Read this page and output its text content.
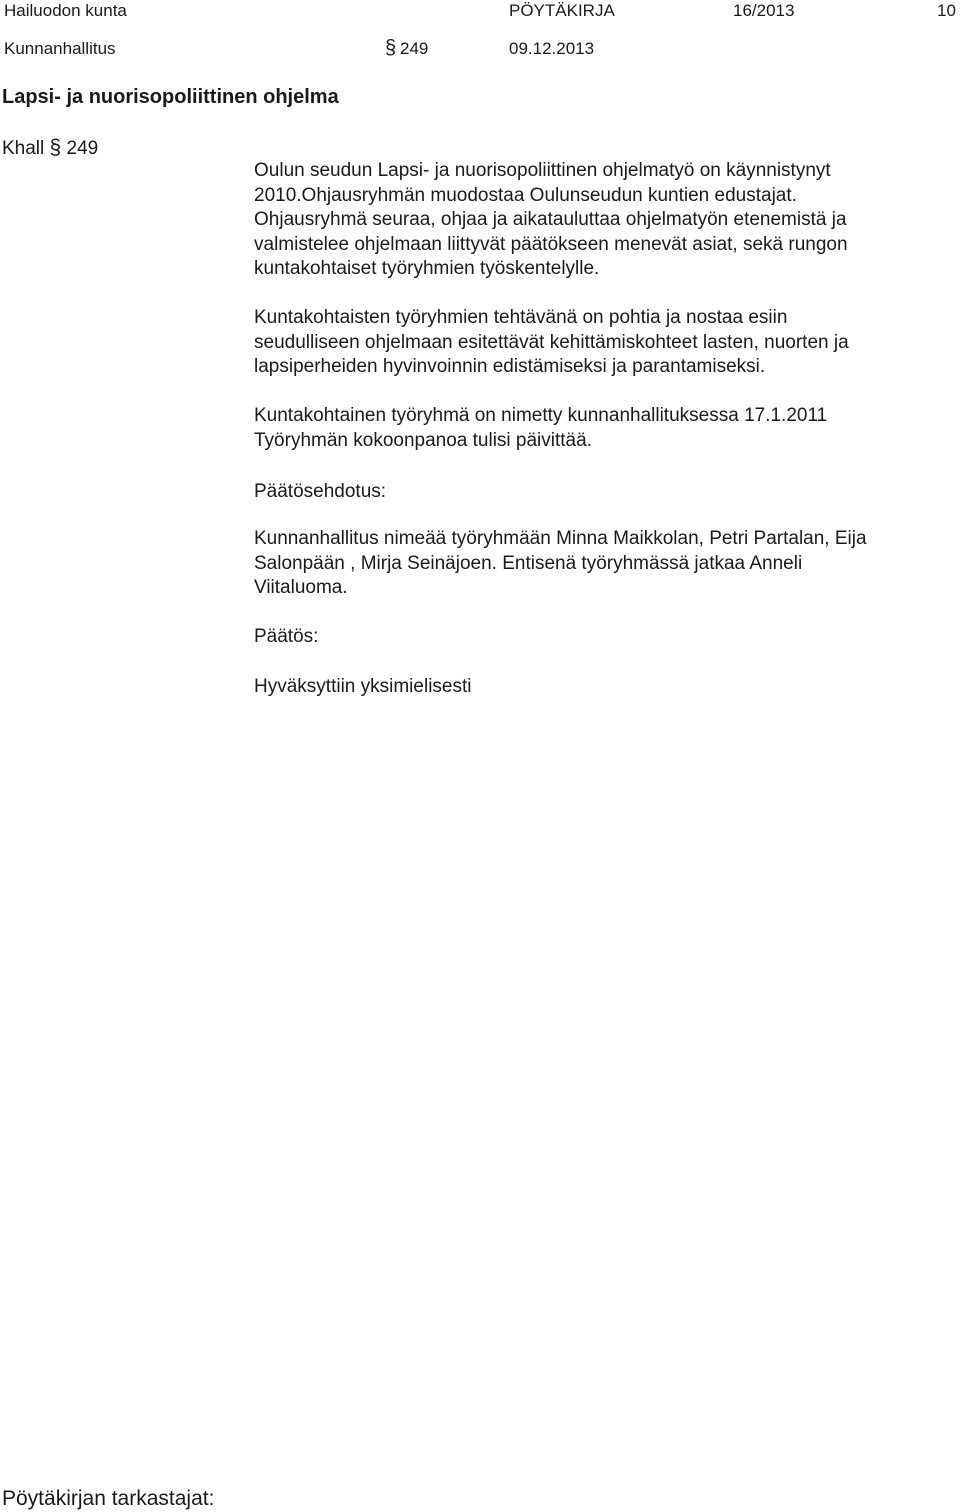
Hailuodon kunta	PÖYTÄKIRJA	16/2013	10
Kunnanhallitus	§ 249	09.12.2013
Lapsi- ja nuorisopoliittinen ohjelma
Khall § 249
Oulun seudun Lapsi- ja nuorisopoliittinen ohjelmatyö on käynnistynyt
2010.Ohjausryhmän muodostaa Oulunseudun kuntien edustajat.
Ohjausryhmä seuraa, ohjaa ja aikatauluttaa ohjelmatyön etenemistä ja
valmistelee ohjelmaan liittyvät päätökseen menevät asiat, sekä rungon
kuntakohtaiset työryhmien työskentelylle.
Kuntakohtaisten työryhmien tehtävänä on pohtia ja nostaa esiin
seudulliseen ohjelmaan esitettävät kehittämiskohteet lasten, nuorten ja
lapsiperheiden hyvinvoinnin edistämiseksi ja parantamiseksi.
Kuntakohtainen työryhmä on nimetty kunnanhallituksessa 17.1.2011
Työryhmän kokoonpanoa tulisi päivittää.
Päätösehdotus:
Kunnanhallitus nimeää työryhmään Minna Maikkolan, Petri Partalan, Eija
Salonpään , Mirja Seinäjoen. Entisenä työryhmässä jatkaa Anneli
Viitaluoma.
Päätös:
Hyväksyttiin yksimielisesti
Pöytäkirjan tarkastajat:
